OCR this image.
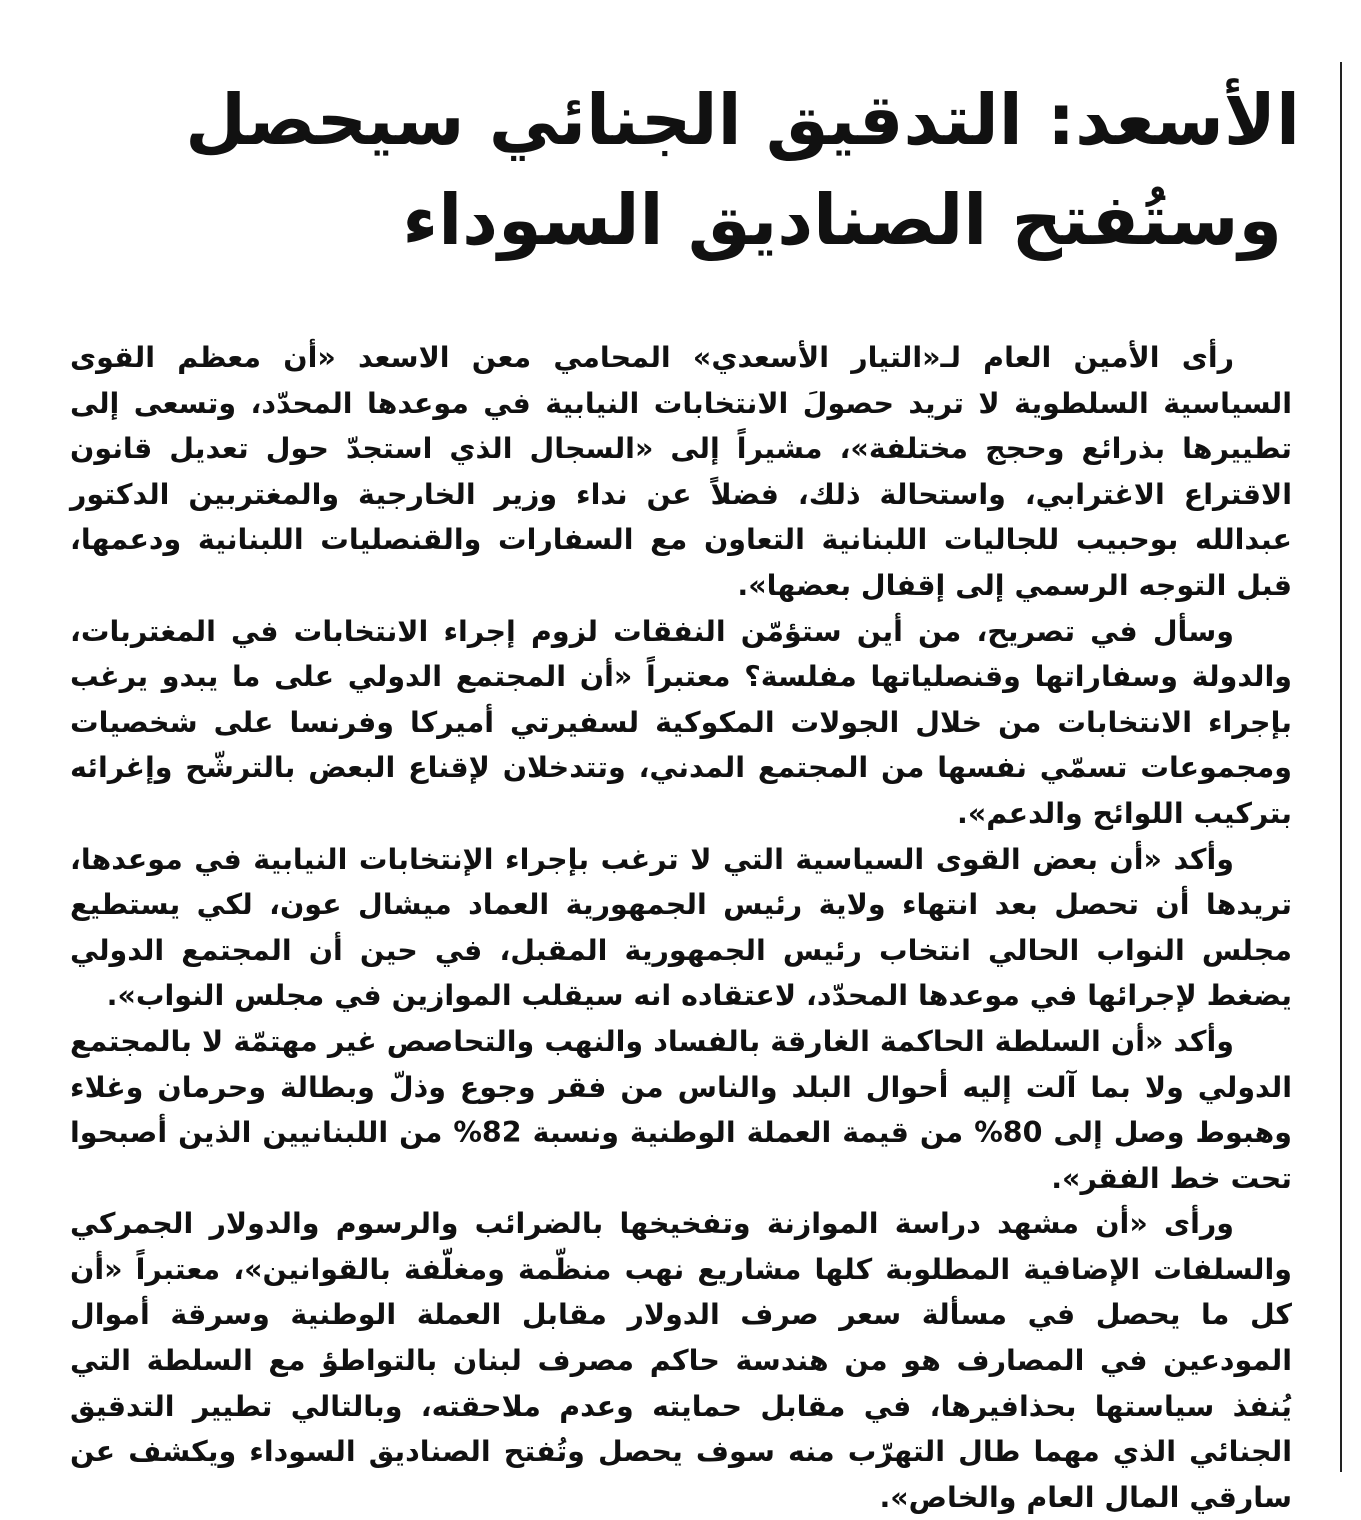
الأسعد: التدقيق الجنائي سيحصل
وستُفتح الصناديق السوداء

رأى الأمين العام لـ«التيار الأسعدي» المحامي معن الاسعد «أن معظم القوى السياسية السلطوية لا تريد حصولَ الانتخابات النيابية في موعدها المحدّد، وتسعى إلى تطييرها بذرائع وحجج مختلفة»، مشيراً إلى «السجال الذي استجدّ حول تعديل قانون الاقتراع الاغترابي، واستحالة ذلك، فضلاً عن نداء وزير الخارجية والمغتربين الدكتور عبدالله بوحبيب للجاليات اللبنانية التعاون مع السفارات والقنصليات اللبنانية ودعمها، قبل التوجه الرسمي إلى إقفال بعضها».

وسأل في تصريح، من أين ستؤمّن النفقات لزوم إجراء الانتخابات في المغتربات، والدولة وسفاراتها وقنصلياتها مفلسة؟ معتبراً «أن المجتمع الدولي على ما يبدو يرغب بإجراء الانتخابات من خلال الجولات المكوكية لسفيرتي أميركا وفرنسا على شخصيات ومجموعات تسمّي نفسها من المجتمع المدني، وتتدخلان لإقناع البعض بالترشّح وإغرائه بتركيب اللوائح والدعم».

وأكد «أن بعض القوى السياسية التي لا ترغب بإجراء الإنتخابات النيابية في موعدها، تريدها أن تحصل بعد انتهاء ولاية رئيس الجمهورية العماد ميشال عون، لكي يستطيع مجلس النواب الحالي انتخاب رئيس الجمهورية المقبل، في حين أن المجتمع الدولي يضغط لإجرائها في موعدها المحدّد، لاعتقاده انه سيقلب الموازين في مجلس النواب».

وأكد «أن السلطة الحاكمة الغارقة بالفساد والنهب والتحاصص غير مهتمّة لا بالمجتمع الدولي ولا بما آلت إليه أحوال البلد والناس من فقر وجوع وذلّ وبطالة وحرمان وغلاء وهبوط وصل إلى 80% من قيمة العملة الوطنية ونسبة 82% من اللبنانيين الذين أصبحوا تحت خط الفقر».

ورأى «أن مشهد دراسة الموازنة وتفخيخها بالضرائب والرسوم والدولار الجمركي والسلفات الإضافية المطلوبة كلها مشاريع نهب منظّمة ومغلّفة بالقوانين»، معتبراً «أن كل ما يحصل في مسألة سعر صرف الدولار مقابل العملة الوطنية وسرقة أموال المودعين في المصارف هو من هندسة حاكم مصرف لبنان بالتواطؤ مع السلطة التي يُنفذ سياستها بحذافيرها، في مقابل حمايته وعدم ملاحقته، وبالتالي تطيير التدقيق الجنائي الذي مهما طال التهرّب منه سوف يحصل وتُفتح الصناديق السوداء ويكشف عن سارقي المال العام والخاص».
